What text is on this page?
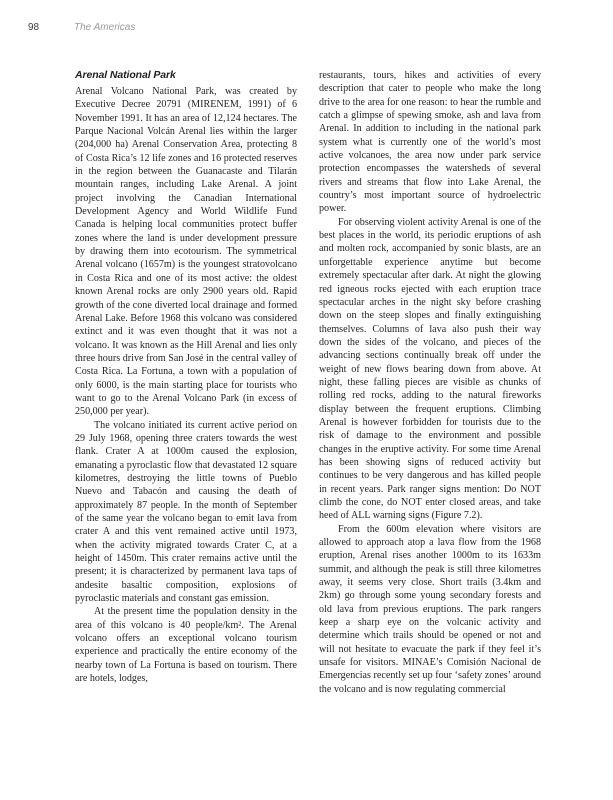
98	The Americas
Arenal National Park

Arenal Volcano National Park, was created by Executive Decree 20791 (MIRENEM, 1991) of 6 November 1991. It has an area of 12,124 hectares. The Parque Nacional Volcán Arenal lies within the larger (204,000 ha) Arenal Conservation Area, protecting 8 of Costa Rica’s 12 life zones and 16 protected reserves in the region between the Guanacaste and Tilarán mountain ranges, including Lake Arenal. A joint project involving the Canadian International Development Agency and World Wildlife Fund Canada is helping local communities protect buffer zones where the land is under development pressure by drawing them into ecotourism. The symmetrical Arenal volcano (1657m) is the youngest stratovolcano in Costa Rica and one of its most active: the oldest known Arenal rocks are only 2900 years old. Rapid growth of the cone diverted local drainage and formed Arenal Lake. Before 1968 this volcano was considered extinct and it was even thought that it was not a volcano. It was known as the Hill Arenal and lies only three hours drive from San José in the central valley of Costa Rica. La Fortuna, a town with a population of only 6000, is the main starting place for tourists who want to go to the Arenal Volcano Park (in excess of 250,000 per year).

The volcano initiated its current active period on 29 July 1968, opening three craters towards the west flank. Crater A at 1000m caused the explosion, emanating a pyroclastic flow that devastated 12 square kilometres, destroying the little towns of Pueblo Nuevo and Tabacón and causing the death of approximately 87 people. In the month of September of the same year the volcano began to emit lava from crater A and this vent remained active until 1973, when the activity migrated towards Crater C, at a height of 1450m. This crater remains active until the present; it is characterized by permanent lava taps of andesite basaltic composition, explosions of pyroclastic materials and constant gas emission.

At the present time the population density in the area of this volcano is 40 people/km². The Arenal volcano offers an exceptional volcano tourism experience and practically the entire economy of the nearby town of La Fortuna is based on tourism. There are hotels, lodges,

restaurants, tours, hikes and activities of every description that cater to people who make the long drive to the area for one reason: to hear the rumble and catch a glimpse of spewing smoke, ash and lava from Arenal. In addition to including in the national park system what is currently one of the world’s most active volcanoes, the area now under park service protection encompasses the watersheds of several rivers and streams that flow into Lake Arenal, the country’s most important source of hydroelectric power.

For observing violent activity Arenal is one of the best places in the world, its periodic eruptions of ash and molten rock, accompanied by sonic blasts, are an unforgettable experience anytime but become extremely spectacular after dark. At night the glowing red igneous rocks ejected with each eruption trace spectacular arches in the night sky before crashing down on the steep slopes and finally extinguishing themselves. Columns of lava also push their way down the sides of the volcano, and pieces of the advancing sections continually break off under the weight of new flows bearing down from above. At night, these falling pieces are visible as chunks of rolling red rocks, adding to the natural fireworks display between the frequent eruptions. Climbing Arenal is however forbidden for tourists due to the risk of damage to the environment and possible changes in the eruptive activity. For some time Arenal has been showing signs of reduced activity but continues to be very dangerous and has killed people in recent years. Park ranger signs mention: Do NOT climb the cone, do NOT enter closed areas, and take heed of ALL warning signs (Figure 7.2).

From the 600m elevation where visitors are allowed to approach atop a lava flow from the 1968 eruption, Arenal rises another 1000m to its 1633m summit, and although the peak is still three kilometres away, it seems very close. Short trails (3.4km and 2km) go through some young secondary forests and old lava from previous eruptions. The park rangers keep a sharp eye on the volcanic activity and determine which trails should be opened or not and will not hesitate to evacuate the park if they feel it’s unsafe for visitors. MINAE’s Comisión Nacional de Emergencias recently set up four ‘safety zones’ around the volcano and is now regulating commercial
